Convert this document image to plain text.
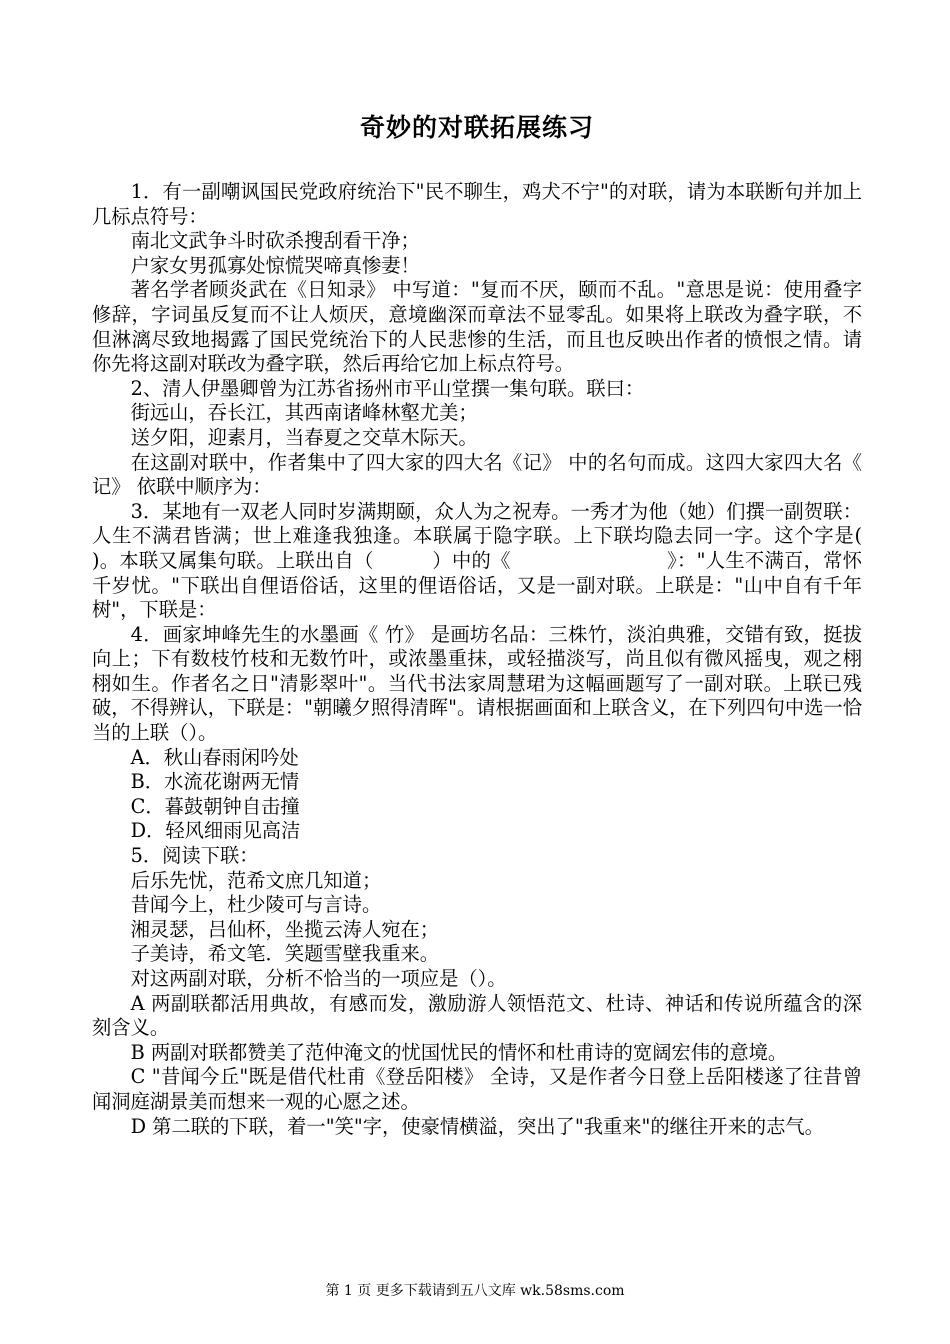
奇妙的对联拓展练习

1．有一副嘲讽国民党政府统治下"民不聊生，鸡犬不宁"的对联，请为本联断句并加上几标点符号：

南北文武争斗时砍杀搜刮看干净；

户家女男孤寡处惊慌哭啼真惨妻！

著名学者顾炎武在《日知录》 中写道："复而不厌，颐而不乱。"意思是说：使用叠字修辞，字词虽反复而不让人烦厌，意境幽深而章法不显零乱。如果将上联改为叠字联，不但淋漓尽致地揭露了国民党统治下的人民悲惨的生活，而且也反映出作者的愤恨之情。请你先将这副对联改为叠字联，然后再给它加上标点符号。

2、清人伊墨卿曾为江苏省扬州市平山堂撰一集句联。联曰：

街远山，吞长江，其西南诸峰林壑尤美；

送夕阳，迎素月，当春夏之交草木际天。

在这副对联中，作者集中了四大家的四大名《记》 中的名句而成。这四大家四大名《 记》 依联中顺序为：

3．某地有一双老人同时岁满期颐，众人为之祝寿。一秀才为他（她）们撰一副贺联：人生不满君皆满；世上难逢我独逢。本联属于隐字联。上下联均隐去同一字。这个字是( )。本联又属集句联。上联出自（　　　）中的《　　　　　　　　》："人生不满百，常怀千岁忧。"下联出自俚语俗话，这里的俚语俗话，又是一副对联。上联是："山中自有千年树"，下联是：

4．画家坤峰先生的水墨画《 竹》 是画坊名品：三株竹，淡泊典雅，交错有致，挺拔向上；下有数枝竹枝和无数竹叶，或浓墨重抹，或轻描淡写，尚且似有微风摇曳，观之栩栩如生。作者名之日"清影翠叶"。当代书法家周慧珺为这幅画题写了一副对联。上联已残破，不得辨认，下联是："朝曦夕照得清晖"。请根据画面和上联含义，在下列四句中选一恰当的上联（）。

A．秋山春雨闲吟处

B．水流花谢两无情

C．暮鼓朝钟自击撞

D．轻风细雨见高洁

5．阅读下联：

后乐先忧，范希文庶几知道；

昔闻今上，杜少陵可与言诗。

湘灵瑟，吕仙杯，坐揽云涛人宛在；

子美诗，希文笔．笑题雪壁我重来。

对这两副对联，分析不恰当的一项应是（）。

A 两副联都活用典故，有感而发，激励游人领悟范文、杜诗、神话和传说所蕴含的深刻含义。

B 两副对联都赞美了范仲淹文的忧国忧民的情怀和杜甫诗的宽阔宏伟的意境。

C "昔闻今丘"既是借代杜甫《登岳阳楼》 全诗，又是作者今日登上岳阳楼遂了往昔曾闻洞庭湖景美而想来一观的心愿之述。

D 第二联的下联，着一"笑"字，使豪情横溢，突出了"我重来"的继往开来的志气。

第 1 页 更多下载请到五八文库 wk.58sms.com
